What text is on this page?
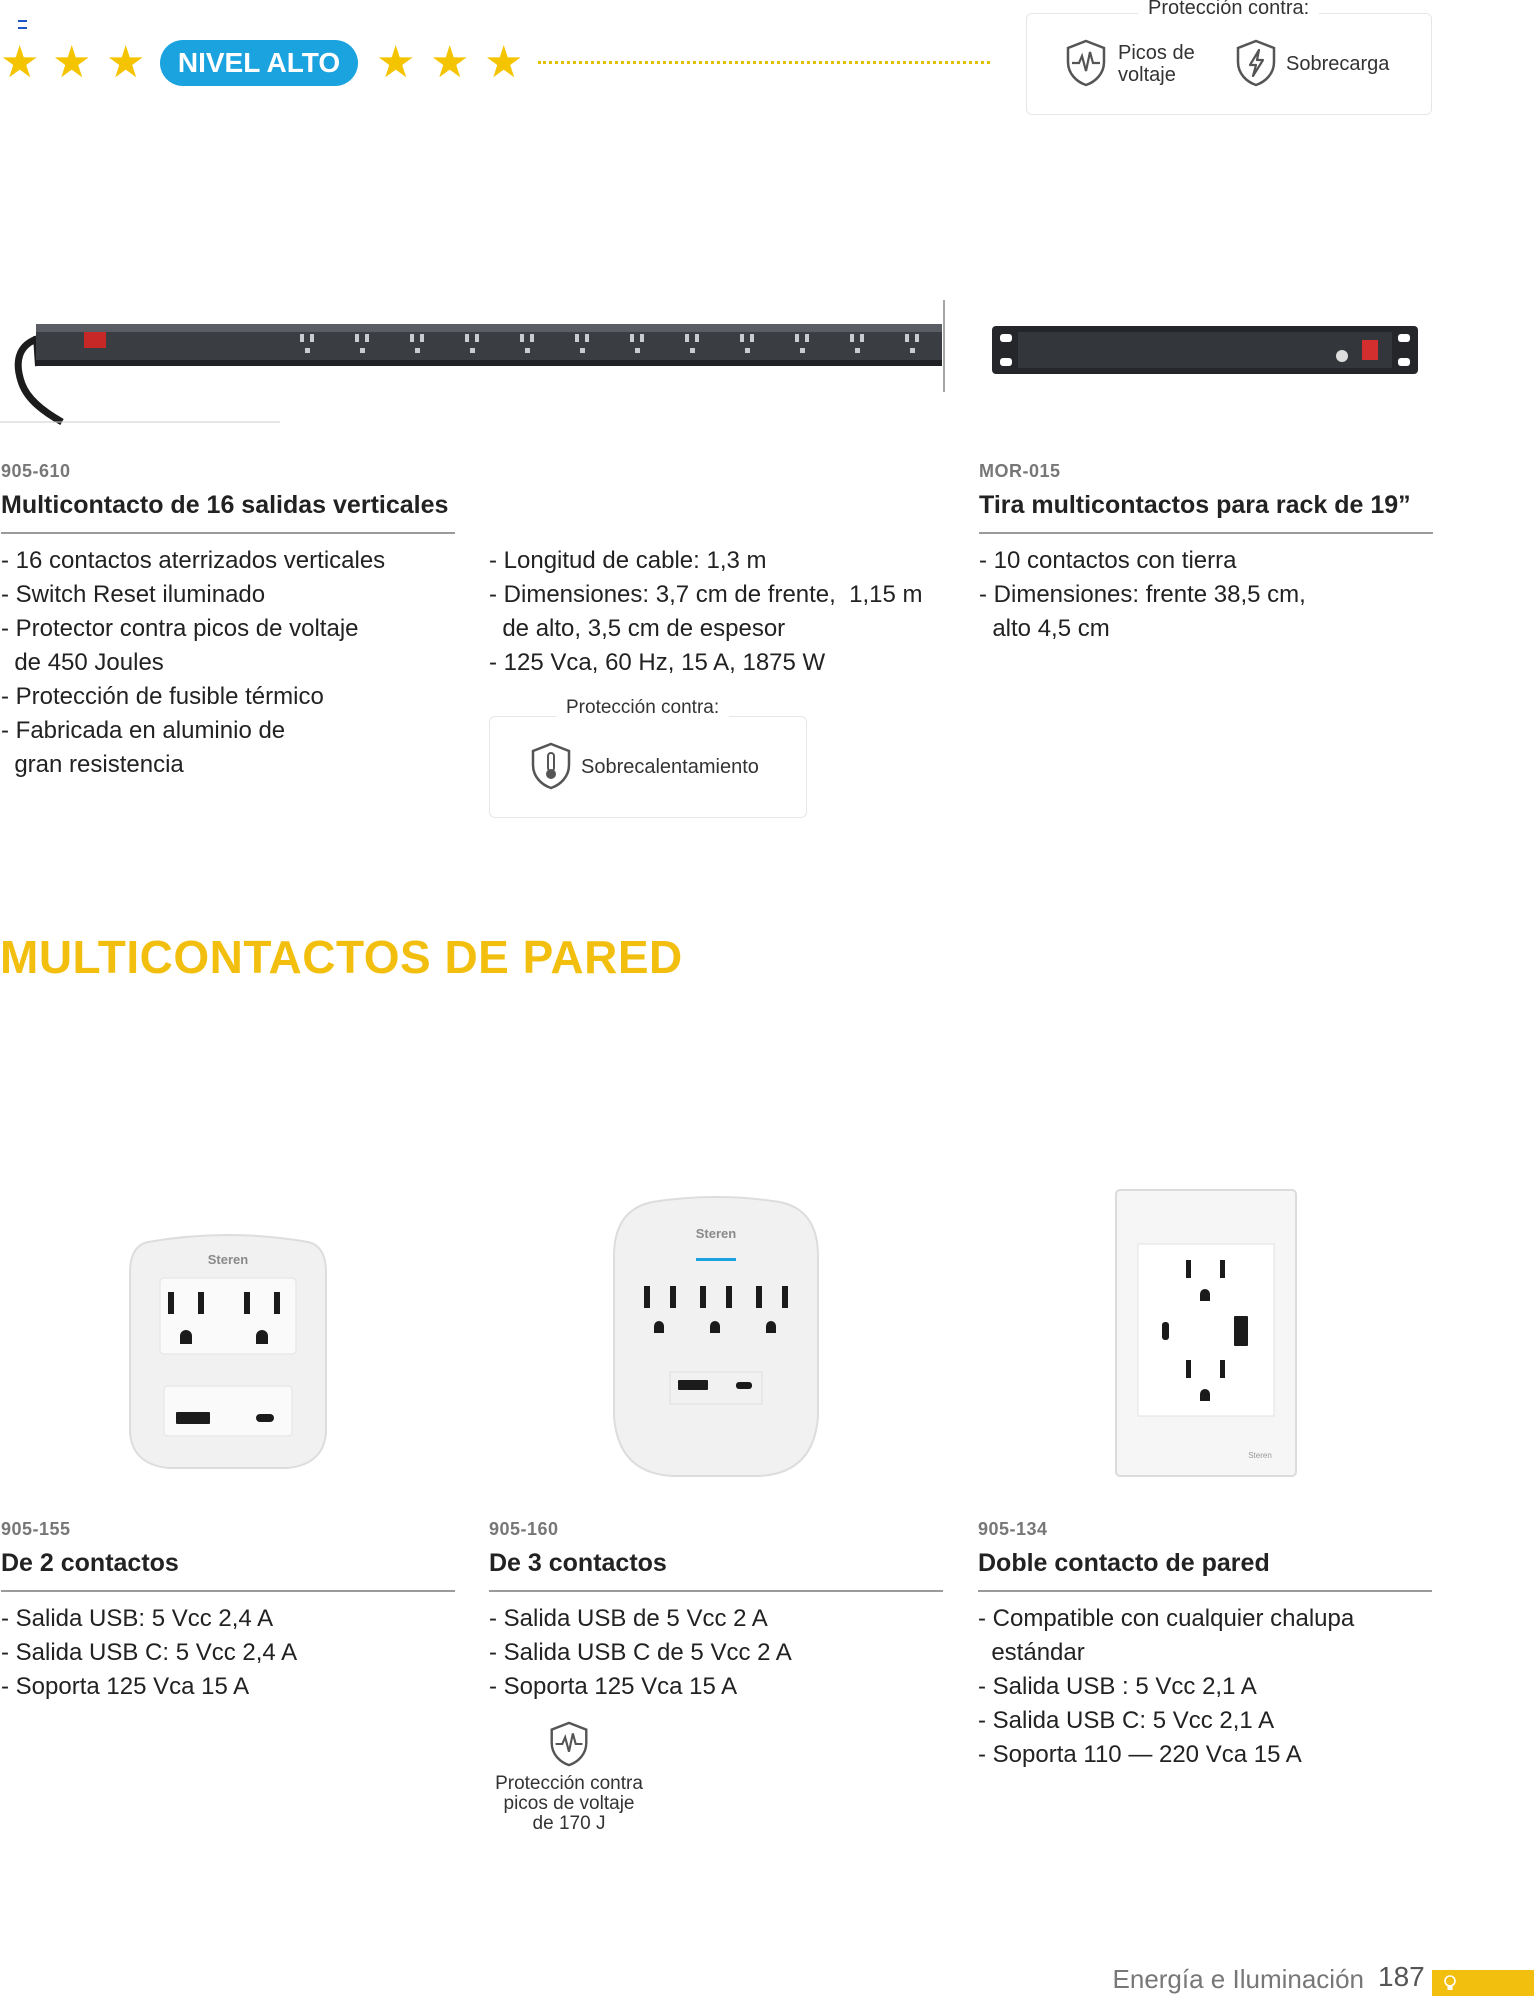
★ ★ ★	★ ★ ★
NIVEL ALTO
Protección contra:
Picos de
voltaje	Sobrecarga
905-610
Multicontacto de 16 salidas verticales
- 16 contactos aterrizados verticales
- Switch Reset iluminado
- Protector contra picos de voltaje
de 450 Joules
- Protección de fusible térmico
- Fabricada en aluminio de
gran resistencia
- Longitud de cable: 1,3 m
- Dimensiones: 3,7 cm de frente,  1,15 m
de alto, 3,5 cm de espesor
- 125 Vca, 60 Hz, 15 A, 1875 W
Protección contra:
Sobrecalentamiento
MOR-015
Tira multicontactos para rack de 19”
- 10 contactos con tierra
- Dimensiones: frente 38,5 cm,
alto 4,5 cm
MULTICONTACTOS DE PARED
Steren
Steren
Steren
905-155
De 2 contactos
- Salida USB: 5 Vcc 2,4 A
- Salida USB C: 5 Vcc 2,4 A
- Soporta 125 Vca 15 A
905-160
De 3 contactos
- Salida USB de 5 Vcc 2 A
- Salida USB C de 5 Vcc 2 A
- Soporta 125 Vca 15 A
Protección contra
picos de voltaje
de 170 J
905-134
Doble contacto de pared
- Compatible con cualquier chalupa
estándar
- Salida USB : 5 Vcc 2,1 A
- Salida USB C: 5 Vcc 2,1 A
- Soporta 110 — 220 Vca 15 A
Energía e Iluminación 187
